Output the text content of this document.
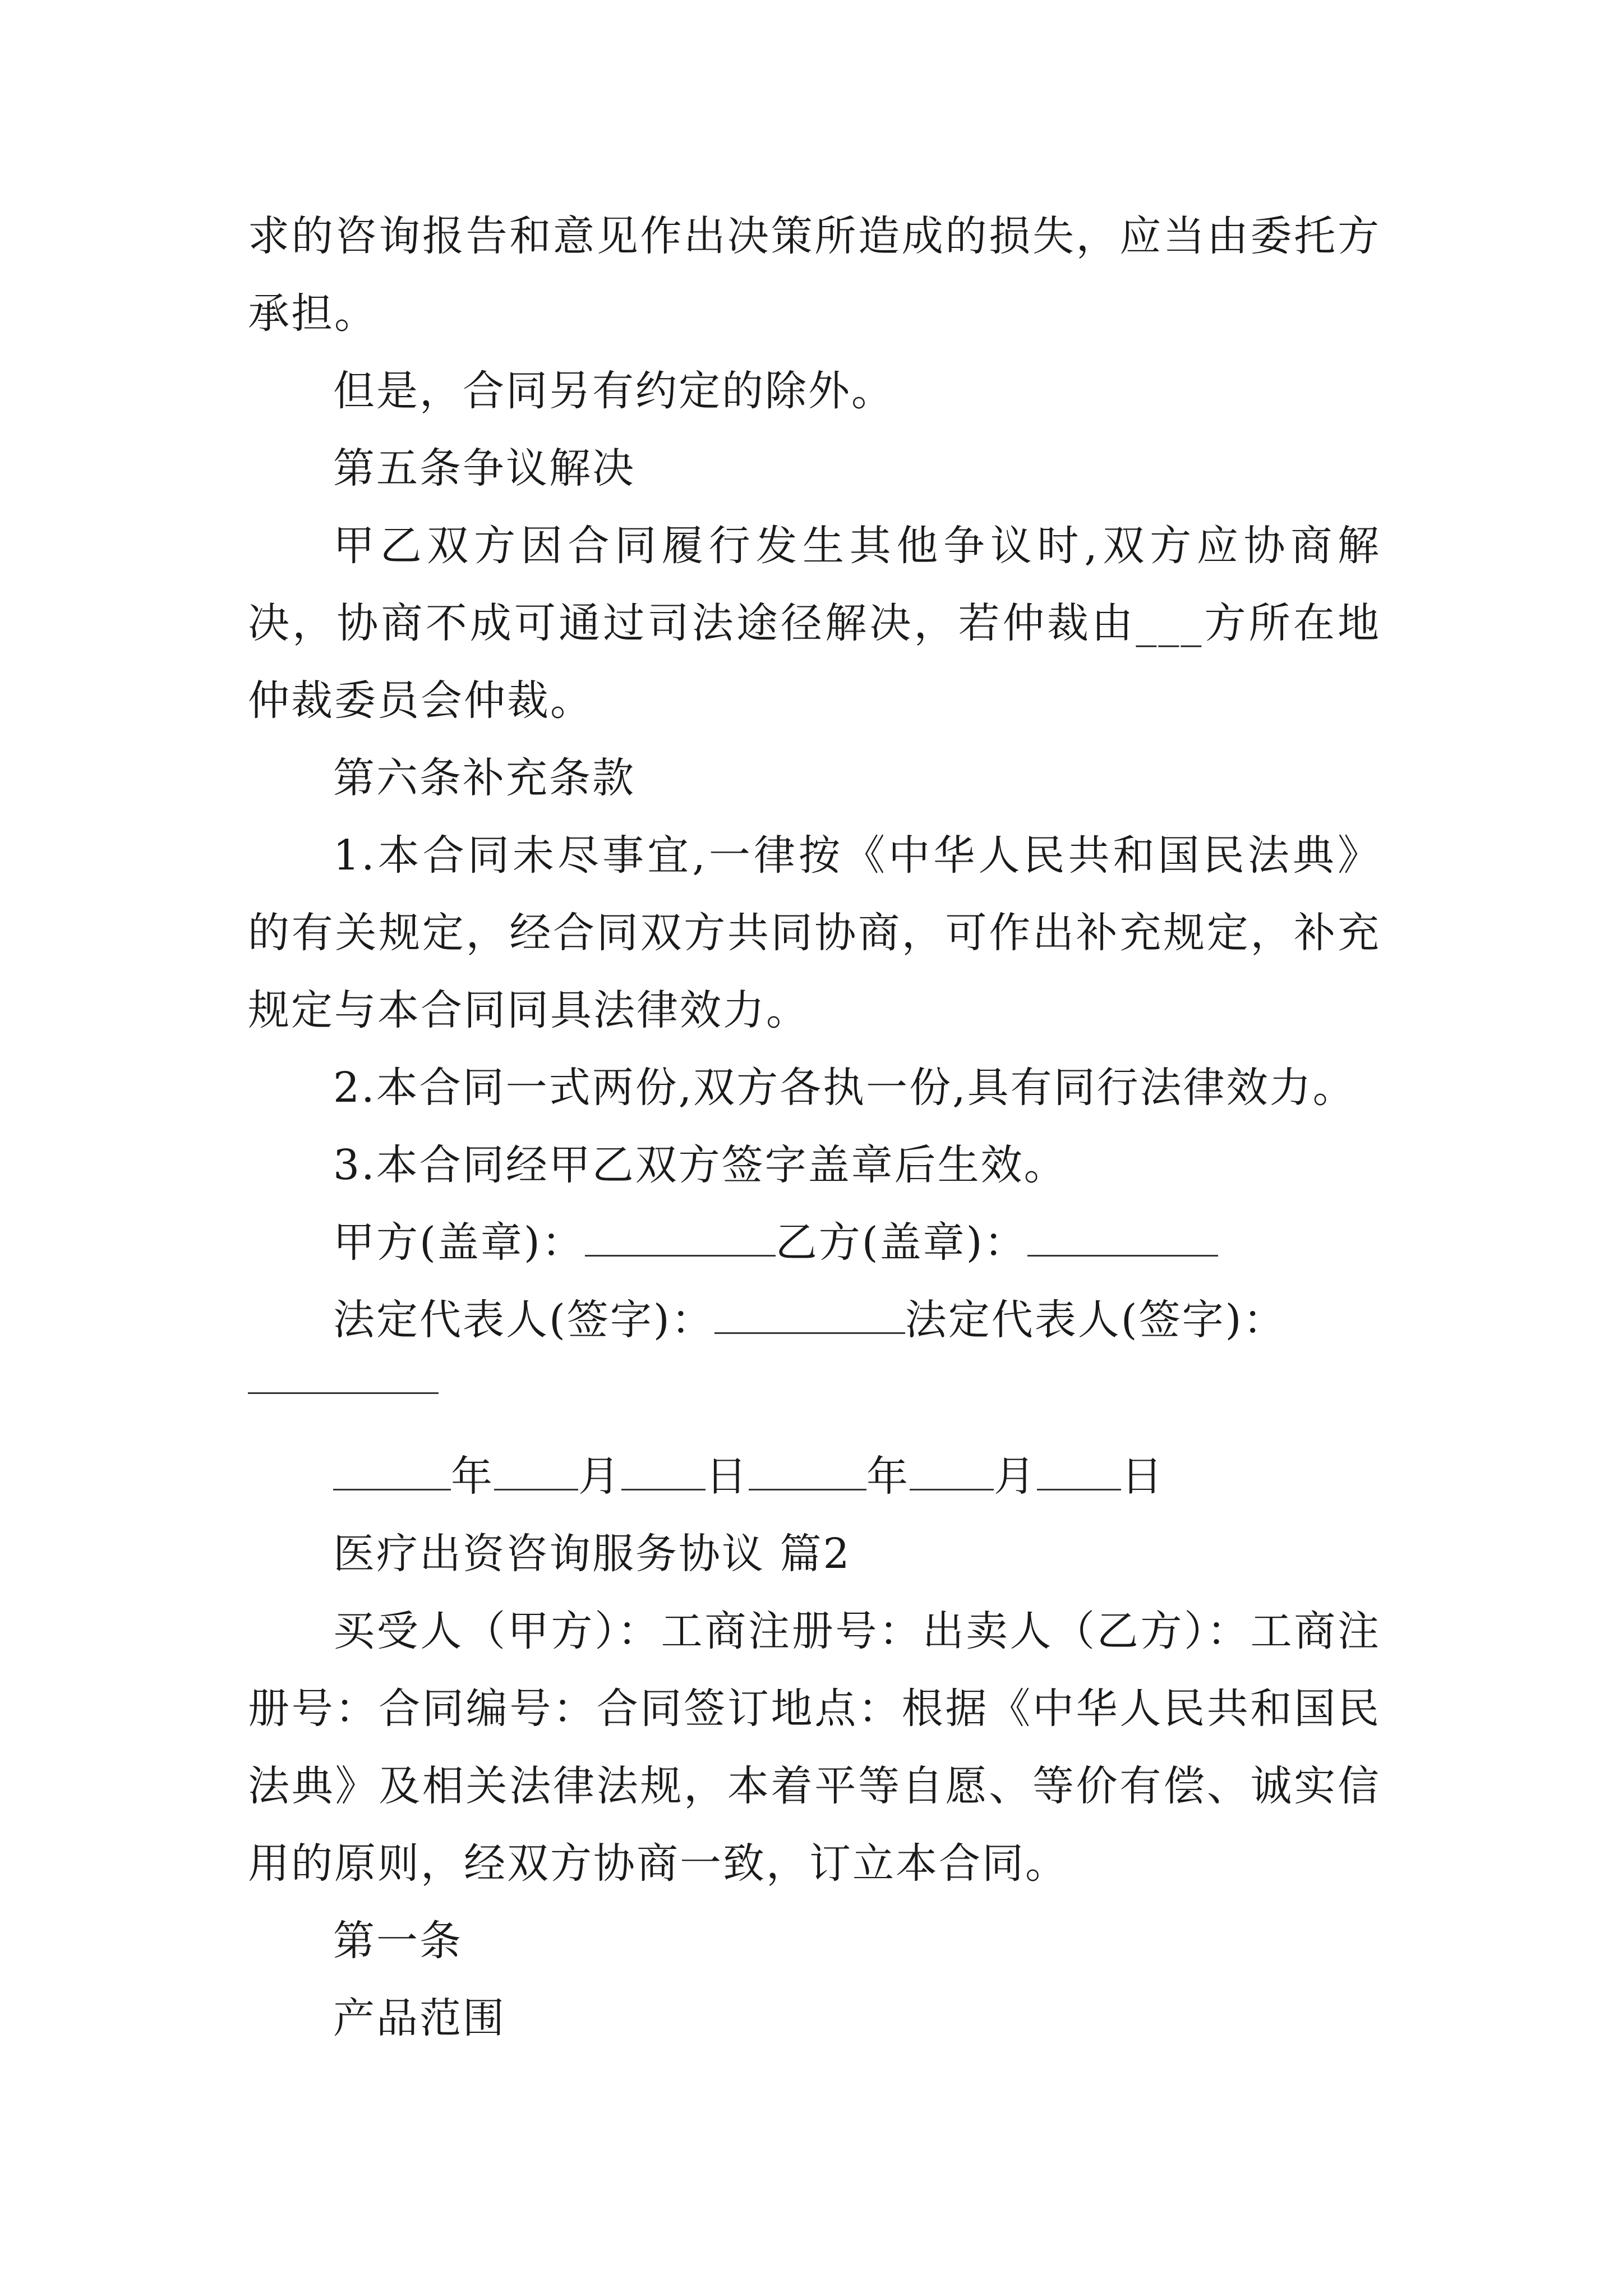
求的咨询报告和意见作出决策所造成的损失，应当由委托方承担。

但是，合同另有约定的除外。

第五条争议解决

甲乙双方因合同履行发生其他争议时,双方应协商解决，协商不成可通过司法途径解决，若仲裁由___方所在地仲裁委员会仲裁。

第六条补充条款

1.本合同未尽事宜,一律按《中华人民共和国民法典》的有关规定，经合同双方共同协商，可作出补充规定，补充规定与本合同同具法律效力。

2.本合同一式两份,双方各执一份,具有同行法律效力。

3.本合同经甲乙双方签字盖章后生效。

甲方(盖章)：	乙方(盖章)：

法定代表人(签字)：	法定代表人(签字)：

年 月 日	年 月 日

医疗出资咨询服务协议 篇2

买受人（甲方）：工商注册号：出卖人（乙方）：工商注册号：合同编号：合同签订地点：根据《中华人民共和国民法典》及相关法律法规，本着平等自愿、等价有偿、诚实信用的原则，经双方协商一致，订立本合同。

第一条

产品范围
